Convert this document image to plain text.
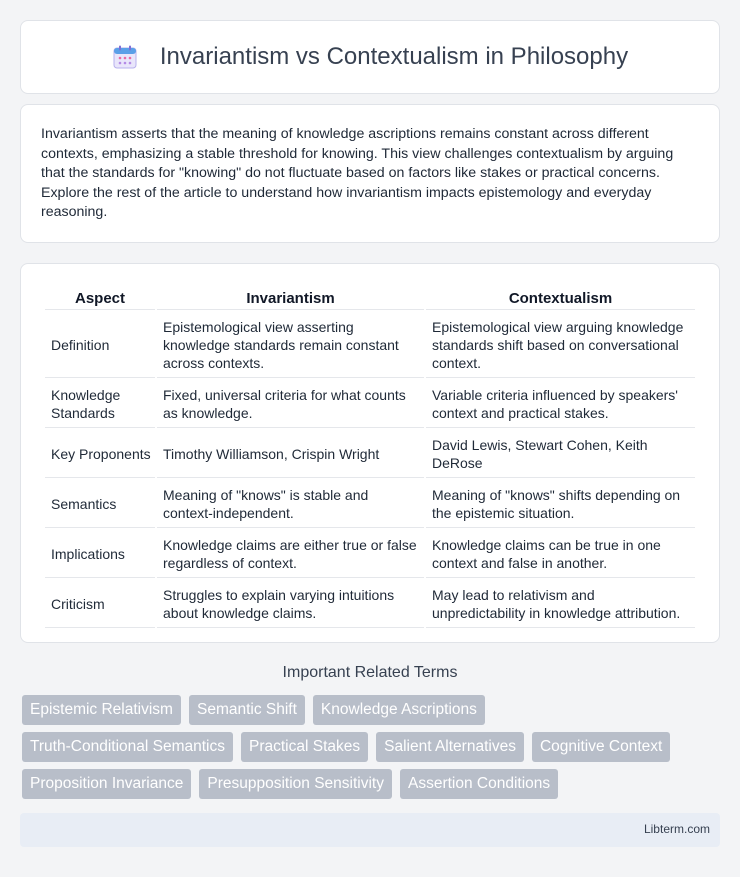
Invariantism vs Contextualism in Philosophy

Invariantism asserts that the meaning of knowledge ascriptions remains constant across different contexts, emphasizing a stable threshold for knowing. This view challenges contextualism by arguing that the standards for "knowing" do not fluctuate based on factors like stakes or practical concerns. Explore the rest of the article to understand how invariantism impacts epistemology and everyday reasoning.

Aspect	Invariantism	Contextualism
Definition	Epistemological view asserting knowledge standards remain constant across contexts.	Epistemological view arguing knowledge standards shift based on conversational context.
Knowledge Standards	Fixed, universal criteria for what counts as knowledge.	Variable criteria influenced by speakers' context and practical stakes.
Key Proponents	Timothy Williamson, Crispin Wright	David Lewis, Stewart Cohen, Keith DeRose
Semantics	Meaning of "knows" is stable and context-independent.	Meaning of "knows" shifts depending on the epistemic situation.
Implications	Knowledge claims are either true or false regardless of context.	Knowledge claims can be true in one context and false in another.
Criticism	Struggles to explain varying intuitions about knowledge claims.	May lead to relativism and unpredictability in knowledge attribution.
Important Related Terms
Epistemic Relativism	Semantic Shift	Knowledge Ascriptions
Truth-Conditional Semantics	Practical Stakes	Salient Alternatives	Cognitive Context
Proposition Invariance	Presupposition Sensitivity	Assertion Conditions
Libterm.com
